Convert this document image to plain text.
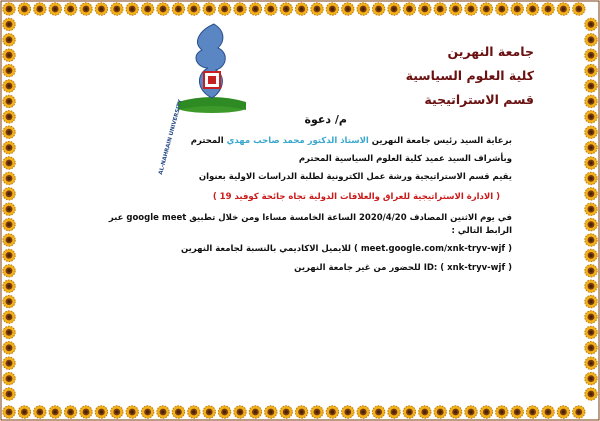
جامعة النهرين
كلية العلوم السياسية
قسم الاستراتيجية
AL-NAHRAIN UNIVERSITY	م/ دعوة
برعاية السيد رئيس جامعة النهرين الاستاذ الدكتور محمد صاحب مهدي المحترم
وبأشراف السيد عميد كلية العلوم السياسية المحترم
يقيم قسم الاستراتيجية ورشة عمل الكترونية لطلبة الدراسات الاولية بعنوان
( الادارة الاستراتيجية للعراق والعلاقات الدولية تجاه جائحة كوفيد 19 )
في يوم الاثنين المصادف 2020/4/20 الساعة الخامسة مساءا ومن خلال تطبيق google meet عبر
الرابط التالي :
( meet.google.com/xnk-tryv-wjf ) للايميل الاكاديمي بالنسبة لجامعة النهرين
ID: ( xnk-tryv-wjf ) للحضور من غير جامعة النهرين
